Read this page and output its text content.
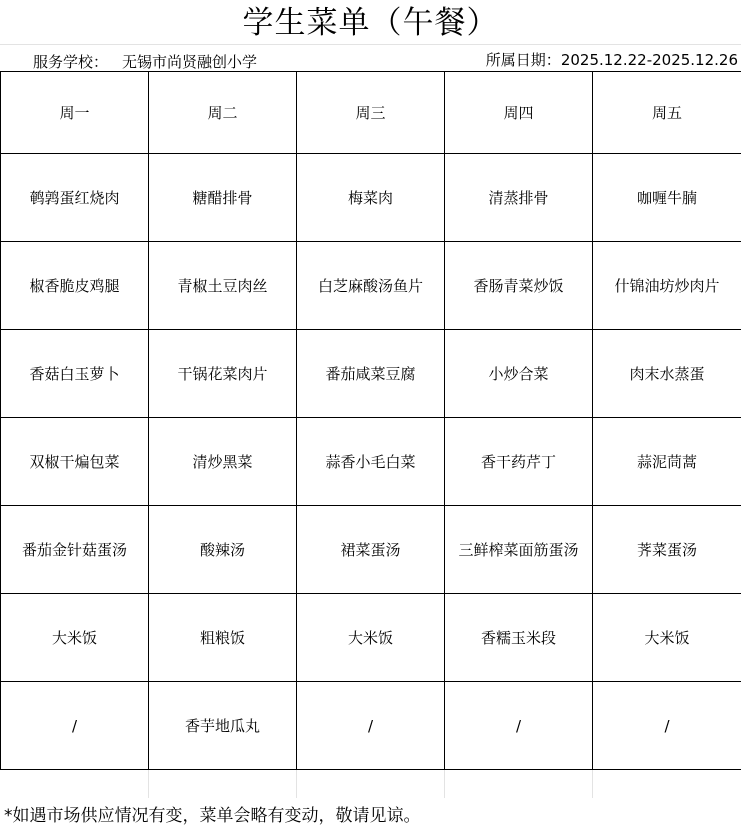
学生菜单（午餐）
服务学校： 无锡市尚贤融创小学	所属日期：2025.12.22-2025.12.26
周一	周二	周三	周四	周五
鹌鹑蛋红烧肉	糖醋排骨	梅菜肉	清蒸排骨	咖喱牛腩
椒香脆皮鸡腿	青椒土豆肉丝	白芝麻酸汤鱼片	香肠青菜炒饭	什锦油坊炒肉片
香菇白玉萝卜	干锅花菜肉片	番茄咸菜豆腐	小炒合菜	肉末水蒸蛋
双椒干煸包菜	清炒黑菜	蒜香小毛白菜	香干药芹丁	蒜泥茼蒿
番茄金针菇蛋汤	酸辣汤	裙菜蛋汤	三鲜榨菜面筋蛋汤	荠菜蛋汤
大米饭	粗粮饭	大米饭	香糯玉米段	大米饭
/	香芋地瓜丸	/	/	/
*如遇市场供应情况有变，菜单会略有变动，敬请见谅。
